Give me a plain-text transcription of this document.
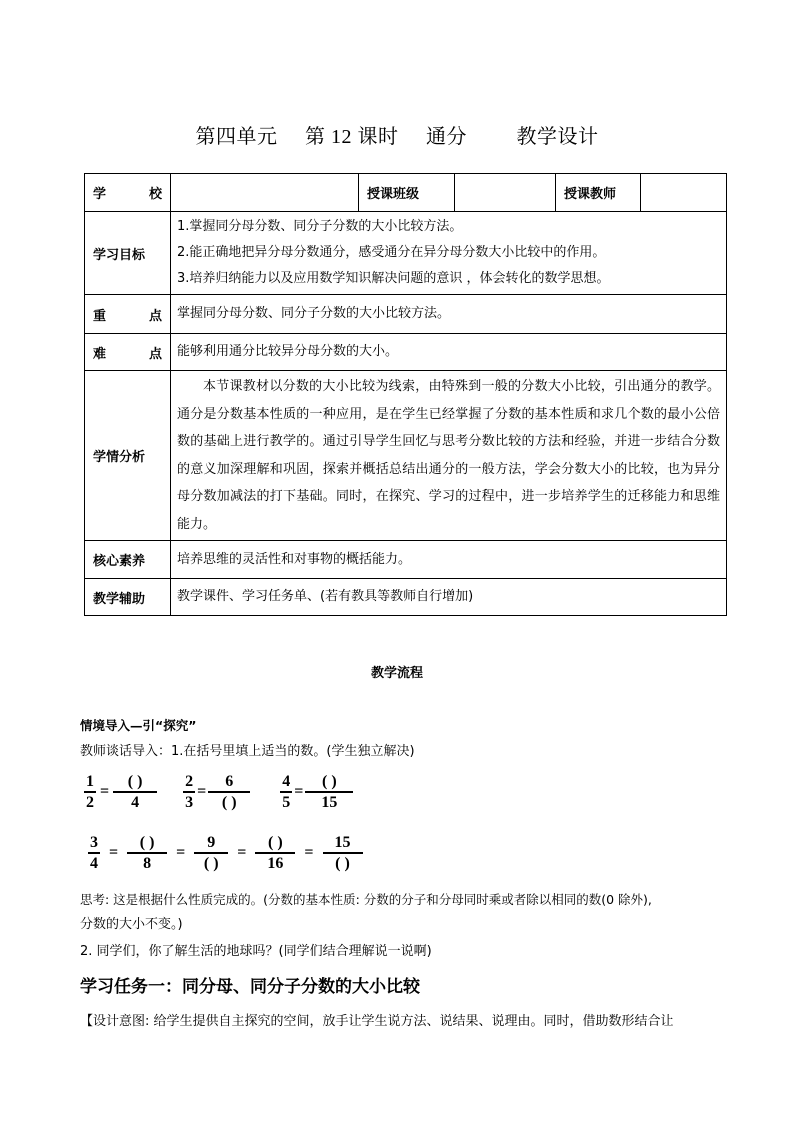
第四单元     第 12 课时     通分         教学设计
学 校		授课班级		授课教师	
学习目标	1.掌握同分母分数、同分子分数的大小比较方法。
2.能正确地把异分母分数通分，感受通分在异分母分数大小比较中的作用。
3.培养归纳能力以及应用数学知识解决问题的意识 ，体会转化的数学思想。				

重 点	掌握同分母分数、同分子分数的大小比较方法。				

难 点	能够利用通分比较异分母分数的大小。				
学情分析	本节课教材以分数的大小比较为线索，由特殊到一般的分数大小比较，引出通分的教学。通分是分数基本性质的一种应用，是在学生已经掌握了分数的基本性质和求几个数的最小公倍数的基础上进行教学的。通过引导学生回忆与思考分数比较的方法和经验，并进一步结合分数的意义加深理解和巩固，探索并概括总结出通分的一般方法，学会分数大小的比较，也为异分母分数加减法的打下基础。同时，在探究、学习的过程中，进一步培养学生的迁移能力和思维能力。				

核心素养	培养思维的灵活性和对事物的概括能力。				
教学辅助	教学课件、学习任务单、(若有教具等教师自行增加)				
教学流程
情境导入—引“探究”
教师谈话导入：1.在括号里填上适当的数。(学生独立解决)
$\frac{1}{2} = \frac{( )}{4} \frac{2}{3} = \frac{6}{( )} \frac{4}{5} = \frac{( )}{15}$
$\frac{3}{4} = \frac{( )}{8} = \frac{9}{( )} = \frac{( )}{16} = \frac{15}{( )}$
思考: 这是根据什么性质完成的。(分数的基本性质: 分数的分子和分母同时乘或者除以相同的数(0 除外),
分数的大小不变。)
2. 同学们，你了解生活的地球吗？(同学们结合理解说一说啊)
学习任务一：同分母、同分子分数的大小比较
【设计意图: 给学生提供自主探究的空间，放手让学生说方法、说结果、说理由。同时，借助数形结合让
